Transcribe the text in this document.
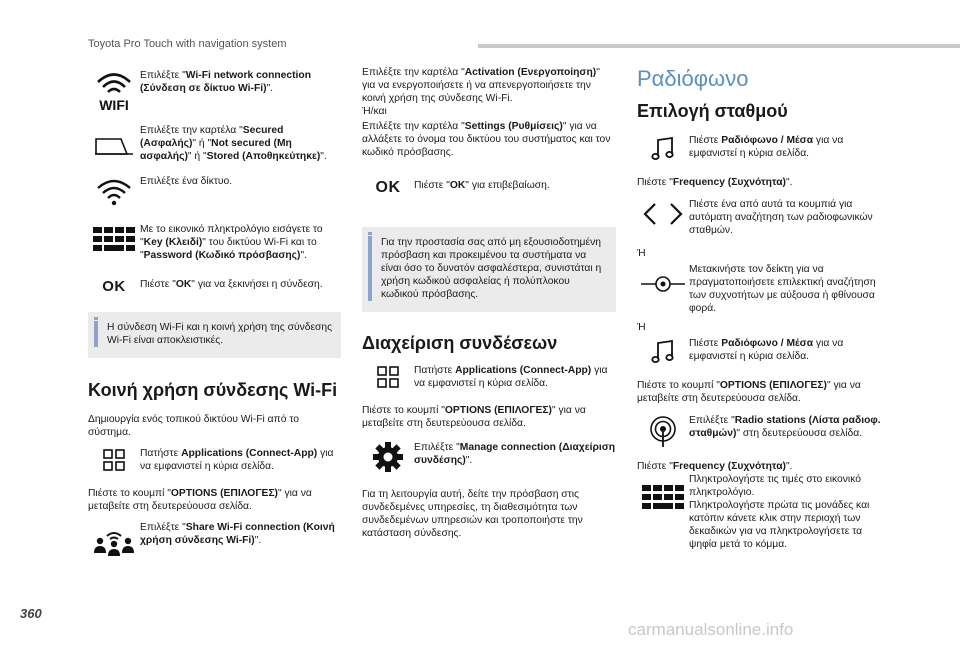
Toyota Pro Touch with navigation system
WIFI

Επιλέξτε "Wi-Fi network connection (Σύνδεση σε δίκτυο Wi-Fi)".

Επιλέξτε την καρτέλα "Secured (Ασφαλής)" ή "Not secured (Μη ασφαλής)" ή "Stored (Αποθηκεύτηκε)".

Επιλέξτε ένα δίκτυο.

Με το εικονικό πληκτρολόγιο εισάγετε το "Key (Κλειδί)" του δικτύου Wi-Fi και το "Password (Κωδικό πρόσβασης)".

OK Πιέστε "OK" για να ξεκινήσει η σύνδεση.

Η σύνδεση Wi-Fi και η κοινή χρήση της σύνδεσης Wi-Fi είναι αποκλειστικές.

Κοινή χρήση σύνδεσης Wi-Fi

Δημιουργία ενός τοπικού δικτύου Wi-Fi από το σύστημα.

Πατήστε Applications (Connect-App) για να εμφανιστεί η κύρια σελίδα.

Πιέστε το κουμπί "OPTIONS (ΕΠΙΛΟΓΕΣ)" για να μεταβείτε στη δευτερεύουσα σελίδα.

Επιλέξτε "Share Wi-Fi connection (Κοινή χρήση σύνδεσης Wi-Fi)".

Επιλέξτε την καρτέλα "Activation (Ενεργοποίηση)" για να ενεργοποιήσετε ή να απενεργοποιήσετε την κοινή χρήση της σύνδεσης Wi-Fi.

Ή/και

Επιλέξτε την καρτέλα "Settings (Ρυθμίσεις)" για να αλλάξετε το όνομα του δικτύου του συστήματος και τον κωδικό πρόσβασης.

OK Πιέστε "OK" για επιβεβαίωση.

Για την προστασία σας από μη εξουσιοδοτημένη πρόσβαση και προκειμένου τα συστήματα να είναι όσο το δυνατόν ασφαλέστερα, συνιστάται η χρήση κωδικού ασφαλείας ή πολύπλοκου κωδικού πρόσβασης.

Διαχείριση συνδέσεων

Πατήστε Applications (Connect-App) για να εμφανιστεί η κύρια σελίδα.

Πιέστε το κουμπί "OPTIONS (ΕΠΙΛΟΓΕΣ)" για να μεταβείτε στη δευτερεύουσα σελίδα.

Επιλέξτε "Manage connection (Διαχείριση συνδέσης)".

Για τη λειτουργία αυτή, δείτε την πρόσβαση στις συνδεδεμένες υπηρεσίες, τη διαθεσιμότητα των συνδεδεμένων υπηρεσιών και τροποποιήστε την κατάσταση σύνδεσης.

Ραδιόφωνο
Επιλογή σταθμού

Πιέστε Ραδιόφωνο / Μέσα για να εμφανιστεί η κύρια σελίδα.

Πιέστε "Frequency (Συχνότητα)".

Πιέστε ένα από αυτά τα κουμπιά για αυτόματη αναζήτηση των ραδιοφωνικών σταθμών.

Ή

Μετακινήστε τον δείκτη για να πραγματοποιήσετε επιλεκτική αναζήτηση των συχνοτήτων με αύξουσα ή φθίνουσα φορά.

Ή

Πιέστε Ραδιόφωνο / Μέσα για να εμφανιστεί η κύρια σελίδα.

Πιέστε το κουμπί "OPTIONS (ΕΠΙΛΟΓΕΣ)" για να μεταβείτε στη δευτερεύουσα σελίδα.

Επιλέξτε "Radio stations (Λίστα ραδιοφ. σταθμών)" στη δευτερεύουσα σελίδα.

Πιέστε "Frequency (Συχνότητα)".

Πληκτρολογήστε τις τιμές στο εικονικό πληκτρολόγιο.

Πληκτρολογήστε πρώτα τις μονάδες και κατόπιν κάνετε κλικ στην περιοχή των δεκαδικών για να πληκτρολογήσετε τα ψηφία μετά το κόμμα.

360
carmanualsonline.info
